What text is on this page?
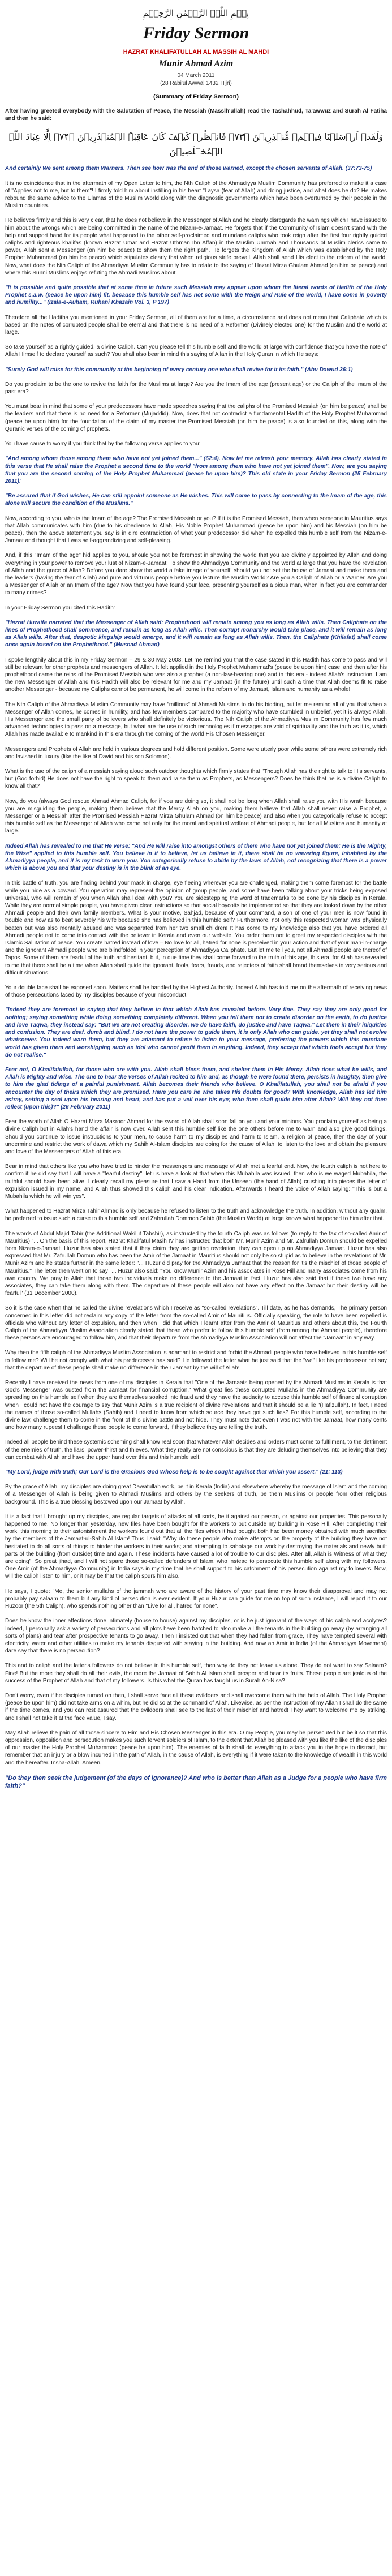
بِسۡمِ اللّٰہِ الرَّحۡمٰنِ الرَّحِیۡمِ
Friday Sermon
HAZRAT KHALIFATULLAH AL MASSIH AL MAHDI
Munir Ahmad Azim
04 March 2011
(28 Rabi'ul Awwal 1432 Hijri)
(Summary of Friday Sermon)

After having greeted everybody with the Salutation of Peace, the Messiah (Masslh'ullah) read the Tashahhud, Ta'awwuz and Surah Al Fatiha and then he said:

وَلَقَدۡ اَرۡسَلۡنَا فِیۡہِمۡ مُّنۡذِرِیۡنَ ﴿۷۳﴾ فَانۡظُرۡ کَیۡفَ کَانَ عَاقِبَۃُ الۡمُنۡذَرِیۡنَ ﴿۷۴﴾ اِلَّا عِبَادَ اللّٰہِ الۡمُخۡلَصِیۡنَ

And certainly We sent among them Warners. Then see how was the end of those warned, except the chosen servants of Allah. (37:73-75)

It is no coincidence that in the aftermath of my Open Letter to him, the Nth Caliph of the Ahmadiyya Muslim Community has preferred to make it a case of "Applies not to me, but to them"! I firmly told him about instilling in his heart "Laysa (fear of Allah) and doing justice, and what does he do? He makes rebound the same advice to the Ulamas of the Muslim World along with the diagnostic governments which have been overturned by their people in the Muslim countries.

He believes firmly and this is very clear, that he does not believe in the Messenger of Allah and he clearly disregards the warnings which I have issued to him about the wrongs which are being committed in the name of the Nizam-e-Jamaat. He forgets that if the Community of Islam doesn't stand with the help and support hand for its people what happened to the other self-proclaimed and mundane caliphs who took reign after the first four rightly guided caliphs and righteous khalifas (known Hazrat Umar and Hazrat Uthman Ibn Affan) in the Muslim Ummah and Thousands of Muslim clerics came to power, Allah sent a Messenger (on him be peace) to show them the right path. He forgets the Kingdom of Allah which was established by the Holy Prophet Muhammad (on him be peace) which stipulates clearly that when religious strife prevail, Allah shall send His elect to the reform of the world. Now, what does the Nth Caliph of the Ahmadiyya Muslim Community has to relate to the saying of Hazrat Mirza Ghulam Ahmad (on him be peace) and where this Sunni Muslims enjoys refuting the Ahmadi Muslims about.

"It is possible and quite possible that at some time in future such Messiah may appear upon whom the literal words of Hadith of the Holy Prophet s.a.w. (peace be upon him) fit, because this humble self has not come with the Reign and Rule of the world, I have come in poverty and humility..." (Izala-e-Auham, Ruhani Khazain Vol. 3, P 197)

Therefore all the Hadiths you mentioned in your Friday Sermon, all of them are for a time, a circumstance and does not mean that Caliphate which is based on the notes of corrupted people shall be eternal and that there is no need of a Reformer (Divinely elected one) for the Muslim and the world at large.

So take yourself as a rightly guided, a divine Caliph. Can you please tell this humble self and the world at large with confidence that you have the note of Allah Himself to declare yourself as such? You shall also bear in mind this saying of Allah in the Holy Quran in which He says:

"Surely God will raise for this community at the beginning of every century one who shall revive for it its faith." (Abu Dawud 36:1)

Do you proclaim to be the one to revive the faith for the Muslims at large? Are you the Imam of the age (present age) or the Caliph of the Imam of the past era?

You must bear in mind that some of your predecessors have made speeches saying that the caliphs of the Promised Messiah (on him be peace) shall be the leaders and that there is no need for a Reformer (Mujaddid). Now, does that not contradict a fundamental Hadith of the Holy Prophet Muhammad (peace be upon him) for the foundation of the claim of my master the Promised Messiah (on him be peace) is also founded on this, along with the Quranic verses of the coming of prophets.

You have cause to worry if you think that by the following verse applies to you:

"And among whom those among them who have not yet joined them..." (62:4). Now let me refresh your memory. Allah has clearly stated in this verse that He shall raise the Prophet a second time to the world "from among them who have not yet joined them". Now, are you saying that you are the second coming of the Holy Prophet Muhammad (peace be upon him)? This old state in your Friday Sermon (25 February 2011):

"Be assured that if God wishes, He can still appoint someone as He wishes. This will come to pass by connecting to the Imam of the age, this alone will secure the condition of the Muslims."

Now, according to you, who is the Imam of the age? The Promised Messiah or you? If it is the Promised Messiah, then when someone in Mauritius says that Allah communicates with him (due to his obedience to Allah, His Noble Prophet Muhammad (peace be upon him) and his Messiah (on him be peace), then the above statement you say is in dire contradiction of what your predecessor did when he expelled this humble self from the Nizam-e-Jamaat and thought that I was self-aggrandizing and self-pleasing.

And, if this "Imam of the age" hid applies to you, should you not be foremost in showing the world that you are divinely appointed by Allah and doing everything in your power to remove your lust of Nizam-e-Jamaat! To show the Ahmadiyya Community and the world at large that you have the revelation of Allah and the grace of Allah? Before you dare show the world a fake image of yourself, should you not set the house of Jamaat and make them and the leaders (having the fear of Allah) and pure and virtuous people before you lecture the Muslim World? Are you a Caliph of Allah or a Warner, Are you a Messenger of Allah or an Imam of the age? Now that you have found your face, presenting yourself as a pious man, when in fact you are commander to many crimes?

In your Friday Sermon you cited this Hadith:

"Hazrat Huzaifa narrated that the Messenger of Allah said: Prophethood will remain among you as long as Allah wills. Then Caliphate on the lines of Prophethood shall commence, and remain as long as Allah wills. Then corrupt monarchy would take place, and it will remain as long as Allah wills. After that, despotic kingship would emerge, and it will remain as long as Allah wills. Then, the Caliphate (Khilafat) shall come once again based on the Prophethood." (Musnad Ahmad)

I spoke lengthily about this in my Friday Sermon – 29 & 30 May 2008. Let me remind you that the case stated in this Hadith has come to pass and will still be relevant for other prophets and messengers of Allah. It felt applied in the Holy Prophet Muhammad's (peace be upon him) case, and then after his prophethood came the reins of the Promised Messiah who was also a prophet (a non-law-bearing one) and in this era - indeed Allah's instruction, I am the new Messenger of Allah and this Hadith will also be relevant for me and my Jamaat (in the future) until such a time that Allah deems fit to raise another Messenger - because my Caliphs cannot be permanent, he will come in the reform of my Jamaat, Islam and humanity as a whole!

The Nth Caliph of the Ahmadiyya Muslim Community may have "millions" of Ahmadi Muslims to do his bidding, but let me remind all of you that when a Messenger of Allah comes, he comes in humility, and has few members compared to the majority who have stumbled in unbelief, yet it is always Allah, His Messenger and the small party of believers who shall definitely be victorious. The Nth Caliph of the Ahmadiyya Muslim Community has few much advanced technologies to pass on a message, but what are the use of such technologies if messages are void of spirituality and the truth as it is, which Allah has made available to mankind in this era through the coming of the world His Chosen Messenger.

Messengers and Prophets of Allah are held in various degrees and hold different position. Some were utterly poor while some others were extremely rich and lavished in luxury (like the like of David and his son Solomon).

What is the use of the caliph of a messiah saying aloud such outdoor thoughts which firmly states that "Though Allah has the right to talk to His servants, but (God forbid) He does not have the right to speak to them and raise them as Prophets, as Messengers? Does he think that he is a divine Caliph to know all that?

Now, do you (always God rescue Ahmad Ahmad Caliph, for if you are doing so, it shall not be long when Allah shall raise you with His wrath because you are misguiding the people, making them believe that the Mercy Allah on you, making them believe that Allah shall never raise a Prophet, a Messenger or a Messiah after the Promised Messiah Hazrat Mirza Ghulam Ahmad (on him be peace) and also when you categorically refuse to accept this humble self as the Messenger of Allah who came not only for the moral and spiritual welfare of Ahmadi people, but for all Muslims and humanity at large.

Indeed Allah has revealed to me that He verse: "And He will raise into amongst others of them who have not yet joined them; He is the Mighty, the Wise" applied to this humble self. You believe in it to believe, let us believe in it, there shall be no wavering figure, inhabited by the Ahmadiyya people, and it is my task to warn you. You categorically refuse to abide by the laws of Allah, not recognizing that there is a power which is above you and that your destiny is in the blink of an eye.

In this battle of truth, you are finding behind your mask in charge, eye fleeing wherever you are challenged, making them come foremost for the battle while you hide as a coward. You operation may represent the opinion of group people, and some have been talking about your tricks being exposed universal, who will remain of you when Allah shall deal with you? You are sidestepping the word of trademarks to be done by his disciples in Kerala. While they are normal simple people, you have given clear instructions so that social boycotts be implemented so that they are looked down by the other Ahmadi people and their own family members. What is your motive, Sahjad, because of your command, a son of one of your men is now found in trouble and how as to beat severely his wife because she has believed in this humble self? Furthermore, not only this respected woman was physically beaten but was also mentally abused and was separated from her two small children! It has come to my knowledge also that you have ordered all Ahmadi people not to come into contact with the believer in Kerala and even our website. You order them not to greet my respected disciples with the Islamic Salutation of peace. You create hatred instead of love – No love for all, hatred for none is perceived in your action and that of your man-in-charge and the ignorant Ahmadi people who are blindfolded in your perception of Ahmadiyya Caliphate. But let me tell you, not all Ahmadi people are thereof of Tapos. Some of them are fearful of the truth and hesitant, but, in due time they shall come forward to the truth of this age, this era, for Allah has revealed to me that there shall be a time when Allah shall guide the ignorant, fools, fears, frauds, and rejecters of faith shall brand themselves in very serious and difficult situations.

Your double face shall be exposed soon. Matters shall be handled by the Highest Authority. Indeed Allah has told me on the aftermath of receiving news of those persecutions faced by my disciples because of your misconduct.

"Indeed they are foremost in saying that they believe in that which Allah has revealed before. Very fine. They say they are only good for nothing; saying something while doing something completely different. When you tell them not to create disorder on the earth, to do justice and love Taqwa, they instead say: "But we are not creating disorder, we do have faith, do justice and have Taqwa." Let them in their iniquities and confusion. They are deaf, dumb and blind. I do not have the power to guide them, it is only Allah who can guide, yet they shall not evolve whatsoever. You indeed warn them, but they are adamant to refuse to listen to your message, preferring the powers which this mundane world has given them and worshipping such an idol who cannot profit them in anything. Indeed, they accept that which fools accept but they do not realise."

Fear not, O Khalifatullah, for those who are with you. Allah shall bless them, and shelter them in His Mercy. Allah does what he wills, and Allah is Mighty and Wise. The one to hear the verses of Allah recited to him and, as though he were found there, persists in haughty, then give to him the glad tidings of a painful punishment. Allah becomes their friends who believe. O Khalifatullah, you shall not be afraid if you encounter the day of theirs which they are promised. Have you care he who takes His doubts for good? With knowledge, Allah has led him astray, setting a seal upon his hearing and heart, and has put a veil over his eye; who then shall guide him after Allah? Will they not then reflect (upon this)?" (26 February 2011)

Fear the wrath of Allah O Hazrat Mirza Masroor Ahmad for the sword of Allah shall soon fall on you and your minions. You proclaim yourself as being a divine Caliph but in Allah's hand the affair is now over. Allah sent this humble self like the one others before me to warn and also give good tidings. Should you continue to issue instructions to your men, to cause harm to my disciples and harm to Islam, a religion of peace, then the day of your undermine and restrict the work of dawa which my Sahih Al-Islam disciples are doing for the cause of Allah, to listen to the love and obtain the pleasure and love of the Messengers of Allah of this era.

Bear in mind that others like you who have tried to hinder the messengers and message of Allah met a fearful end. Now, the fourth caliph is not here to confirm if he did say that I will have a "fearful destiny", let us have a look at that when this Mubahila was issued, then who is we waged Mubahila, the truthful should have been alive! I clearly recall my pleasure that I saw a Hand from the Unseen (the hand of Allah) crushing into pieces the letter of expulsion issued in my name, and Allah thus showed this caliph and his clear indication. Afterwards I heard the voice of Allah saying: "This is but a Mubahila which he will win yes".

What happened to Hazrat Mirza Tahir Ahmad is only because he refused to listen to the truth and acknowledge the truth. In addition, without any qualm, he preferred to issue such a curse to this humble self and Zahrullah Dommon Sahib (the Muslim World) at large knows what happened to him after that.

The words of Abdul Majid Tahir (the Additional Wakilut Tabshir), as instructed by the fourth Caliph was as follows (to reply to the fax of so-called Amir of Mauritius) "... On the basis of this report, Hazrat Khalifatul Masih IV has instructed that both Mr. Munir Azim and Mr. Zafrullah Domun should be expelled from Nizam-e-Jamaat. Huzur has also stated that if they claim they are getting revelation, they can open up an Ahmadiyya Jamaat. Huzur has also expressed that Mr. Zafrullah Domun who has been the Amir of the Jamaat in Mauritius should not only be so stupid as to believe in the revelations of Mr. Munir Azim and he states further in the same letter: "... Huzur did pray for the Ahmadiyya Jamaat that the reason for it's the mischief of those people of Mauritius." The letter then went on to say "... Huzur also said: "You know Munir Azim and his associates in Rose Hill and many associates come from his own country. We pray to Allah that those two individuals make no difference to the Jamaat in fact. Huzur has also said that if these two have any associates, they can take them along with them. The departure of these people will also not have any effect on the Jamaat but their destiny will be fearful" (31 December 2000).

So it is the case when that he called the divine revelations which I receive as "so-called revelations". Till date, as he has demands, The primary person concerned in this letter did not reclaim any copy of the letter from the so-called Amir of Mauritius. Officially speaking, the role to have been expelled is officials who without any letter of expulsion, and then when I did that which I learnt after from the Amir of Mauritius and others about this, the Fourth Caliph of the Ahmadiyya Muslim Association clearly stated that those who prefer to follow this humble self (from among the Ahmadi people), therefore these persons are encouraged to follow him, and that their departure from the Ahmadiyya Muslim Association will not affect the "Jamaat" in any way.

Why then the fifth caliph of the Ahmadiyya Muslim Association is adamant to restrict and forbid the Ahmadi people who have believed in this humble self to follow me? Will he not comply with what his predecessor has said? He followed the letter what he just said that the "we" like his predecessor not say that the departure of these people shall make no difference in their Jamaat by the will of Allah!

Recently I have received the news from one of my disciples in Kerala that "One of the Jamaats being opened by the Ahmadi Muslims in Kerala is that God's Messenger was ousted from the Jamaat for financial corruption." What great lies these corrupted Mullahs in the Ahmadiyya Community are spreading on this humble self when they are themselves soaked into fraud and they have the audacity to accuse this humble self of financial corruption when I could not have the courage to say that Munir Azim is a true recipient of divine revelations and that it should be a lie "(Hafizullah). In fact, I need the names of those so-called Mullahs (Sahib) and I need to know from which source they have got such lies? For this humble self, according to the divine law, challenge them to come in the front of this divine battle and not hide. They must note that even I was not with the Jamaat, how many cents and how many rupees! I challenge these people to come forward, if they believe they are telling the truth.

Indeed all people behind these systemic scheming shall know real soon that whatever Allah decides and orders must come to fulfilment, to the detriment of the enemies of truth, the liars, power-thirst and thieves. What they really are not conscious is that they are deluding themselves into believing that they can combat with Allah and have the upper hand over this and this humble self.

"My Lord, judge with truth; Our Lord is the Gracious God Whose help is to be sought against that which you assert." (21: 113)

By the grace of Allah, my disciples are doing great Dawatullah work, be it in Kerala (India) and elsewhere whereby the message of Islam and the coming of a Messenger of Allah is being given to Ahmadi Muslims and others by the seekers of truth, be them Muslims or people from other religious background. This is a true blessing bestowed upon our Jamaat by Allah.

It is a fact that I brought up my disciples, are regular targets of attacks of all sorts, be it against our person, or against our properties. This personally happened to me. No longer than yesterday, new files have been bought for the workers to put outside my building in Rose Hill. After completing their work, this morning to their astonishment the workers found out that all the files which it had bought both had been money obtained with much sacrifice by the members of the Jamaat-ul-Sahih Al Islam! Thus I said: "Why do these people who make attempts on the property of the building they have not hesitated to do all sorts of things to hinder the workers in their works; and attempting to sabotage our work by destroying the materials and newly built parts of the building (from outside) time and again. These incidents have caused a lot of trouble to our disciples. After all, Allah is Witness of what they are doing". So great jihad, and I will not spare those so-called defenders of Islam, who instead to persecute this humble self along with my followers. One Amir (of the Ahmadiyya Community) in India says in my time that he shall support to his catchment of his persecution against my followers. Now, will the caliph listen to him, or it may be that the caliph spurs him also.

He says, I quote: "Me, the senior mullahs of the jammah who are aware of the history of your past time may know their disapproval and may not probably pay salaam to them but any kind of persecution is ever evident. If your Huzur can guide for me on top of such instance, I will report it to our Huzoor (the 5th Caliph), who spends nothing other than "Live for all, hatred for none".

Does he know the inner affections done intimately (house to house) against my disciples, or is he just ignorant of the ways of his caliph and acolytes? Indeed, I personally ask a variety of persecutions and all plots have been hatched to also make all the tenants in the building go away (by arranging all sorts of plans) and tear after prospective tenants to go away. Then I insisted out that when they had fallen from grace, They have tempted several with electricity, water and other utilities to make my tenants disgusted with staying in the building. And now an Amir in India (of the Ahmadiyya Movement) dare say that there is no persecution?

This and to caliph and the latter's followers do not believe in this humble self, then why do they not leave us alone. They do not want to say Salaam? Fine! But the more they shall do all their evils, the more the Jamaat of Sahih Al Islam shall prosper and bear its fruits. These people are jealous of the success of the Prophet of Allah and that of my followers. Is this what the Quran has taught us in Surah An-Nisa?

Don't worry, even if he disciples turned on then, I shall serve face all these evildoers and shall overcome them with the help of Allah. The Holy Prophet (peace be upon him) did not take arms on a whim, but he did so at the command of Allah. Likewise, as per the instruction of my Allah I shall do the same if the time comes, and you can rest assured that the evildoers shall see to the last of their mischief and hatred! They want to welcome me by striking, and I shall not take it at the face value, I say.

May Allah relieve the pain of all those sincere to Him and His Chosen Messenger in this era. O my People, you may be persecuted but be it so that this oppression, opposition and persecution makes you such fervent soldiers of Islam, to the extent that Allah be pleased with you like the like of the disciples of our master the Holy Prophet Muhammad (peace be upon him). The enemies of faith shall do everything to attack you in the hope to distract, but remember that an injury or a blow incurred in the path of Allah, in the cause of Allah, is everything if it were taken to the knowledge of wealth in this world and the hereafter. Insha-Allah. Ameen.

"Do they then seek the judgement (of the days of ignorance)? And who is better than Allah as a Judge for a people who have firm faith?"
